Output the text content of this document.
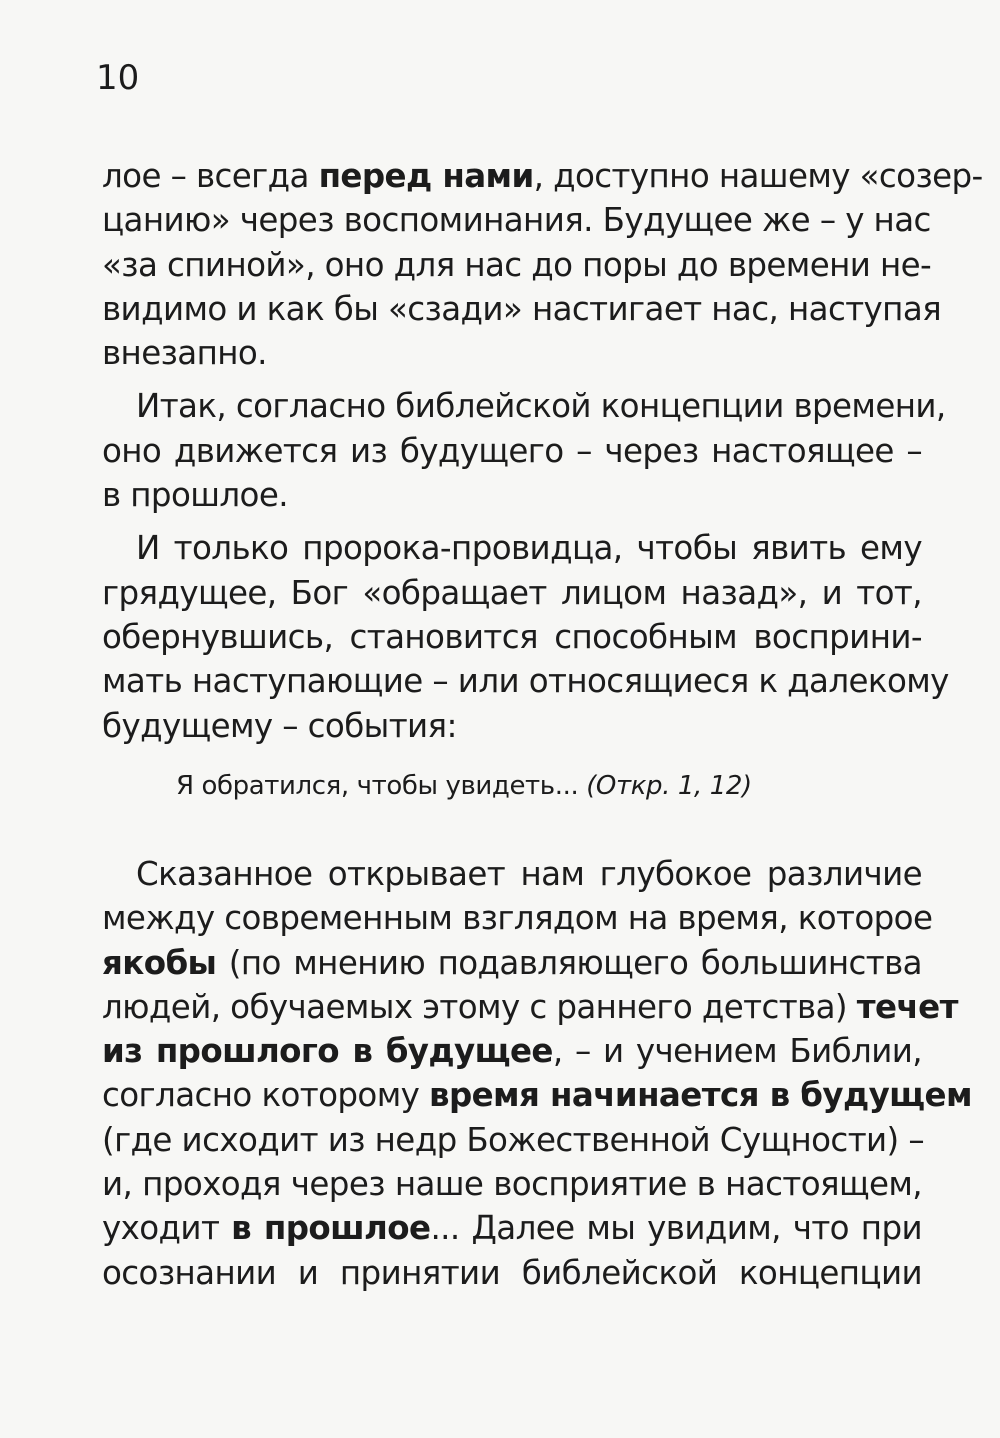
10
лое – всегда перед нами, доступно нашему «созер-
цанию» через воспоминания. Будущее же – у нас
«за спиной», оно для нас до поры до времени не-
видимо и как бы «сзади» настигает нас, наступая
внезапно.
Итак, согласно библейской концепции времени,
оно движется из будущего – через настоящее –
в прошлое.
И только пророка-провидца, чтобы явить ему
грядущее, Бог «обращает лицом назад», и тот,
обернувшись, становится способным восприни-
мать наступающие – или относящиеся к далекому
будущему – события:
Я обратился, чтобы увидеть... (Откр. 1, 12)
Сказанное открывает нам глубокое различие
между современным взглядом на время, которое
якобы (по мнению подавляющего большинства
людей, обучаемых этому с раннего детства) течет
из прошлого в будущее, – и учением Библии,
согласно которому время начинается в будущем
(где исходит из недр Божественной Сущности) –
и, проходя через наше восприятие в настоящем,
уходит в прошлое... Далее мы увидим, что при
осознании и принятии библейской концепции
